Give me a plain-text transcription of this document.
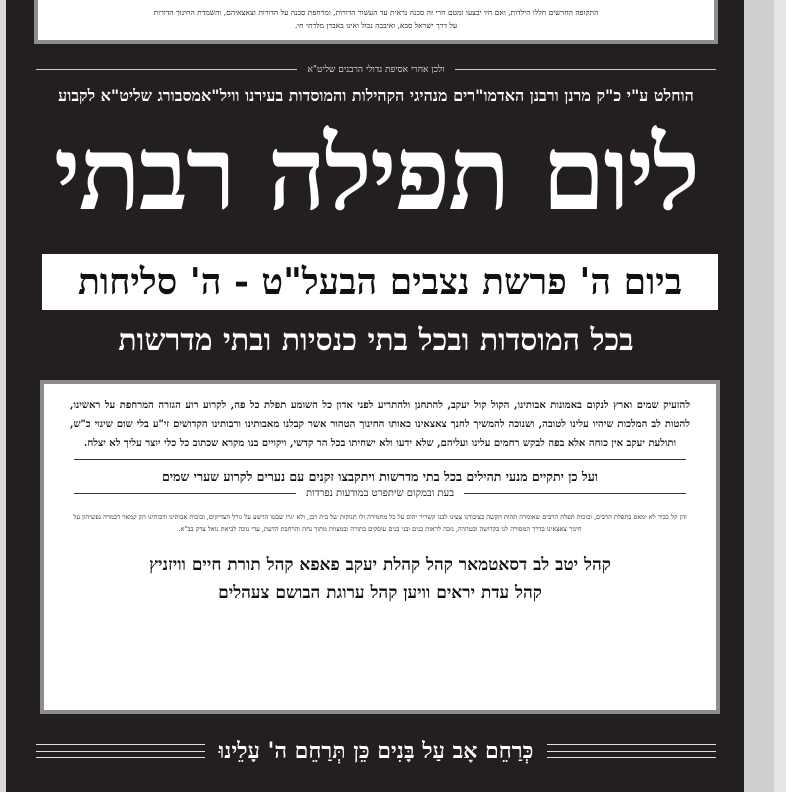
התקופה החרשים חללו הילדות, ואם חיו יבצעו ומטם חרי זה סכנה נראית עד העשור הדורות, ומרחפת סכנה על הדורות וצאצאיהם, והשמדת החינוך הדורות

על דרך ישראל סבא, ואיבכה נכול ואינו באבדן מלדתי חי.

ולכן אחרי אסיפת גדולי הרבנים שליט"א
הוחלט ע"י כ"ק מרנן ורבנן האדמו"רים מנהיגי הקהילות והמוסדות בעירנו וויל"אמסבורג שליט"א לקבוע
ליום תפילה רבתי
ביום ה' פרשת נצבים הבעל"ט - ה' סליחות
בכל המוסדות ובכל בתי כנסיות ובתי מדרשות
להזעיק שמים וארץ לנקום באמונות אבותינו, הקול קול יעקב, להתחנן ולהתריע לפני אדון כל השומע תפלת כל פה, לקרוע רוע הגזרה המרחפת על ראשינו, להטות לב המלכות שיהיו עלינו לטובה, ושנוכה להמשיך לחנך צאצאינו כאותו החינוך הטהור אשר קבלנו מאבותינו ורבותינו הקדושים זי"ע בלי שום שינוי כ"ש, ותולעת יעקב אין כוחה אלא בפה לבקש רחמים עלינו ועליהם, שלא ידעו ולא ישחיתו בכל הר קדשי, ויקויים בנו מקרא שכתוב כל כלי יוצר עליך לא יצלח.
ועל כן יתקיים מנעי תהילים בכל בתי מדרשות ויתקבצו זקנים עם נערים לקרוע שערי שמים
בעת ובמקום שיתפרט במודעות נפרדות
והן קל כביר לא ימאס בתפלת הרבים, ובוכות תפלת הרבים שאומרה תהות הקשה בציבורנו צעינו לבנו קשריר יהוס על כל מחמידה ולו תנוקות של בית רבן, ולא יגרו שבטו הרשע על גורל הצדיקים, ובזכות אבותינו ורבותינו הק קמאר דבמרה נפשיהון על חינוך צאצאינו בדרך המסורה לנו בקדושה ובטהרה, נזכה לראות בנים ובני בנים עוסקים בתורה ובמצוות מתוך נחת והרחבת הדעת, עדי נזכה לביאת גואל צדק בב"א.
קהל יטב לב דסאטמאר קהל קהלת יעקב פאפא קהל תורת חיים וויזניץ
קהל עדת יראים וויען קהל ערוגת הבושם צעהלים
כְּרַחֵם אָב עַל בָּנִים כֵּן תְּרַחֵם ה' עָלֵינוּ
